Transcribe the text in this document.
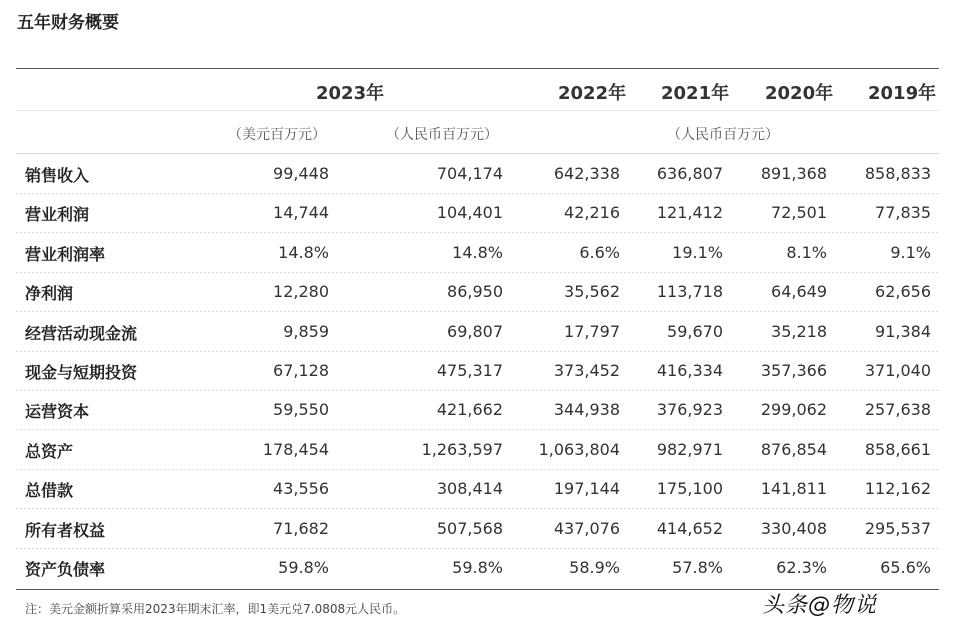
五年财务概要
2023年	2022年 2021年 2020年 2019年
（美元百万元）	（人民币百万元）	（人民币百万元）
销售收入	99,448	704,174	642,338 636,807 891,368 858,833
营业利润	14,744	104,401	42,216 121,412	72,501	77,835
营业利润率	14.8%	14.8%	6.6%	19.1%	8.1%	9.1%
净利润	12,280	86,950	35,562 113,718	64,649	62,656
经营活动现金流	9,859	69,807	17,797	59,670	35,218	91,384
现金与短期投资	67,128	475,317	373,452 416,334 357,366 371,040
运营资本	59,550	421,662	344,938 376,923 299,062 257,638
总资产	178,454	1,263,597 1,063,804 982,971 876,854 858,661
总借款	43,556	308,414	197,144 175,100 141,811 112,162
所有者权益	71,682	507,568	437,076 414,652 330,408 295,537
资产负债率	59.8%	59.8%	58.9%	57.8%	62.3%	65.6%
注：美元金额折算采用2023年期末汇率，即1美元兑7.0808元人民币。	头条@物说
